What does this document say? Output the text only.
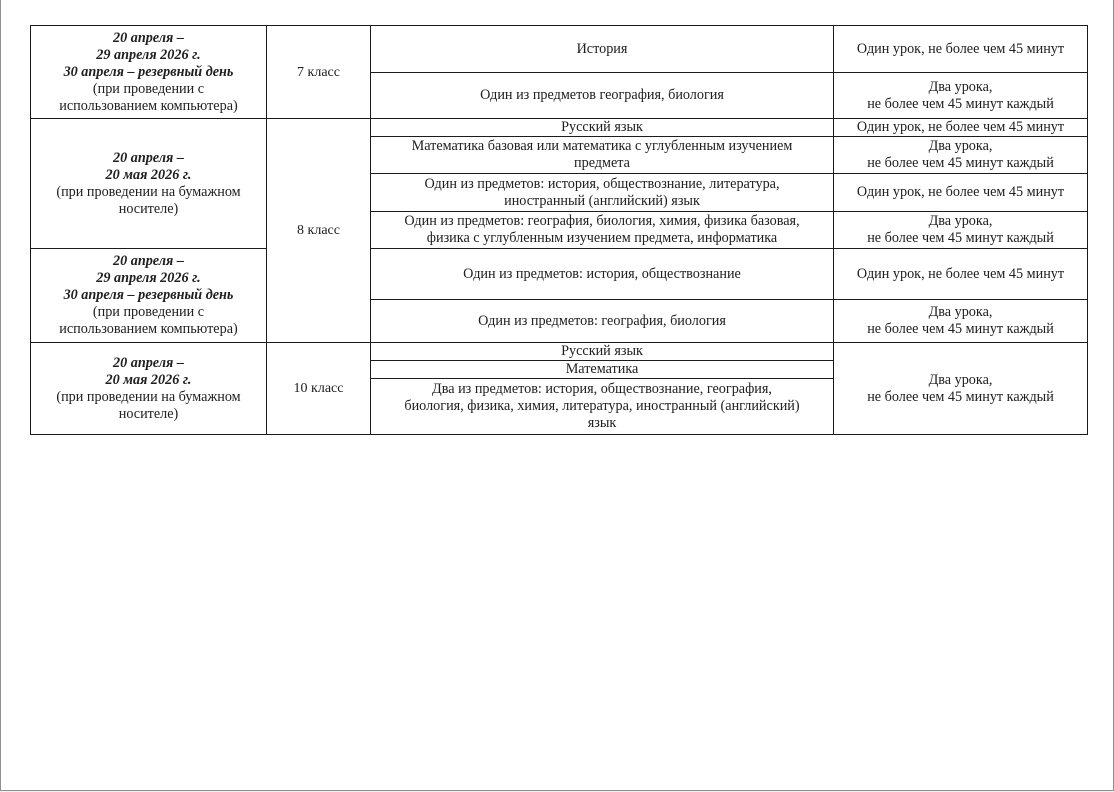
20 апреля –
29 апреля 2026 г.
30 апреля – резервный день
(при проведении с
использованием компьютера)	7 класс	История	Один урок, не более чем 45 минут

		Один из предметов география, биология	Два урока,
не более чем 45 минут каждый

20 апреля –
20 мая 2026 г.
(при проведении на бумажном
носителе)	8 класс	Русский язык	Один урок, не более чем 45 минут

		Математика базовая или математика с углубленным изучением
предмета	Два урока,
не более чем 45 минут каждый

		Один из предметов: история, обществознание, литература,
иностранный (английский) язык	Один урок, не более чем 45 минут

		Один из предметов: география, биология, химия, физика базовая,
физика с углубленным изучением предмета, информатика	Два урока,
не более чем 45 минут каждый

20 апреля –
29 апреля 2026 г.
30 апреля – резервный день
(при проведении с
использованием компьютера)		Один из предметов: история, обществознание	Один урок, не более чем 45 минут

		Один из предметов: география, биология	Два урока,
не более чем 45 минут каждый

20 апреля –
20 мая 2026 г.
(при проведении на бумажном
носителе)	10 класс	Русский язык	Два урока,
не более чем 45 минут каждый

		Математика	

		Два из предметов: история, обществознание, география,
биология, физика, химия, литература, иностранный (английский)
язык	
